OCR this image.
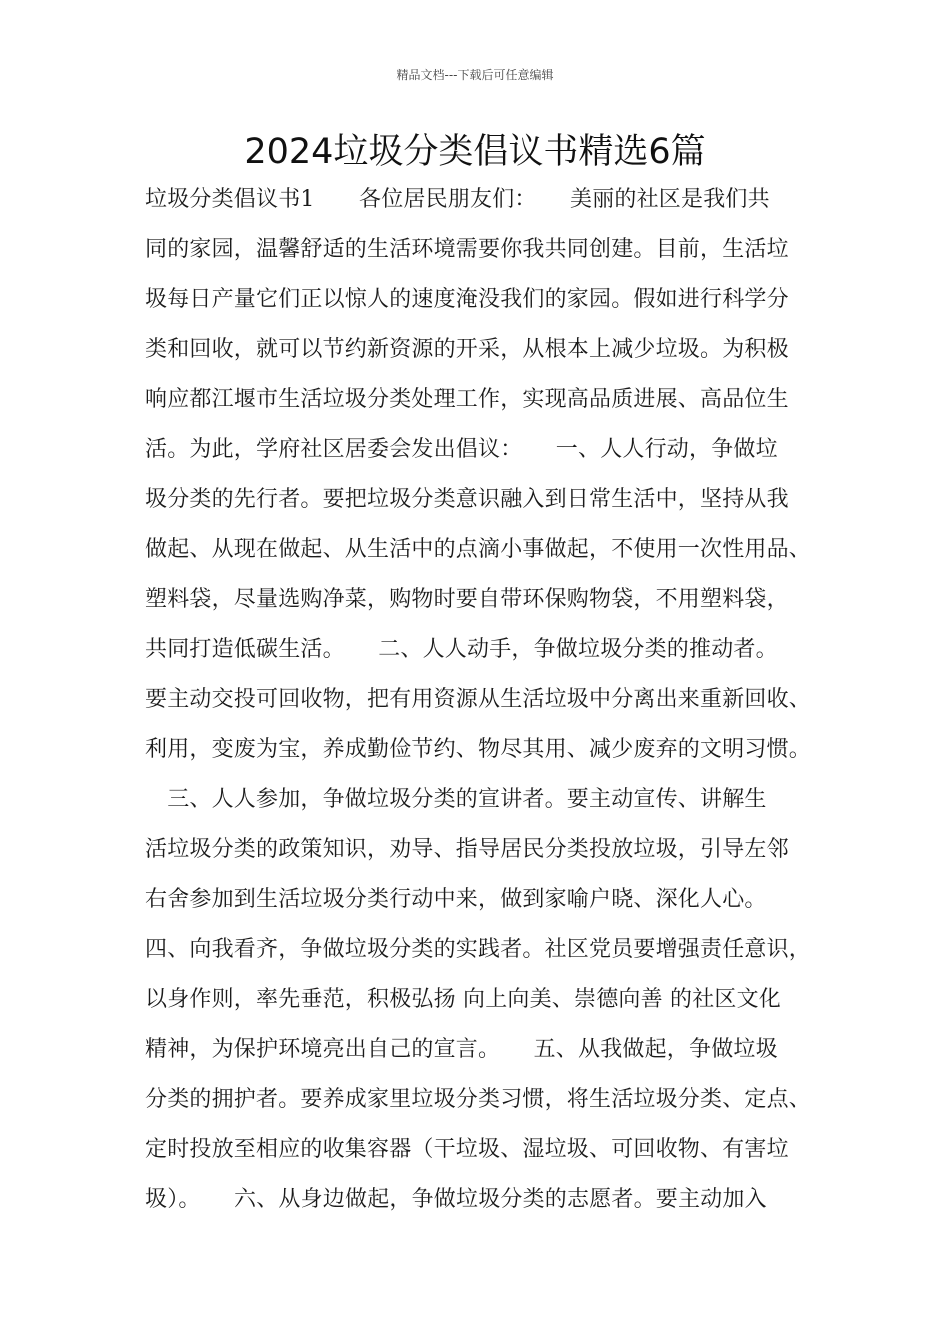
精品文档---下载后可任意编辑
2024垃圾分类倡议书精选6篇
垃圾分类倡议书1　　各位居民朋友们：　　美丽的社区是我们共
同的家园，温馨舒适的生活环境需要你我共同创建。目前，生活垃
圾每日产量它们正以惊人的速度淹没我们的家园。假如进行科学分
类和回收，就可以节约新资源的开采，从根本上减少垃圾。为积极
响应都江堰市生活垃圾分类处理工作，实现高品质进展、高品位生
活。为此，学府社区居委会发出倡议：　　一、人人行动，争做垃
圾分类的先行者。要把垃圾分类意识融入到日常生活中，坚持从我
做起、从现在做起、从生活中的点滴小事做起，不使用一次性用品、
塑料袋，尽量选购净菜，购物时要自带环保购物袋，不用塑料袋，
共同打造低碳生活。　　二、人人动手，争做垃圾分类的推动者。
要主动交投可回收物，把有用资源从生活垃圾中分离出来重新回收、
利用，变废为宝，养成勤俭节约、物尽其用、减少废弃的文明习惯。
　三、人人参加，争做垃圾分类的宣讲者。要主动宣传、讲解生
活垃圾分类的政策知识，劝导、指导居民分类投放垃圾，引导左邻
右舍参加到生活垃圾分类行动中来，做到家喻户晓、深化人心。
四、向我看齐，争做垃圾分类的实践者。社区党员要增强责任意识，
以身作则，率先垂范，积极弘扬 向上向美、崇德向善 的社区文化
精神，为保护环境亮出自己的宣言。　　五、从我做起，争做垃圾
分类的拥护者。要养成家里垃圾分类习惯，将生活垃圾分类、定点、
定时投放至相应的收集容器（干垃圾、湿垃圾、可回收物、有害垃
圾）。　　六、从身边做起，争做垃圾分类的志愿者。要主动加入
